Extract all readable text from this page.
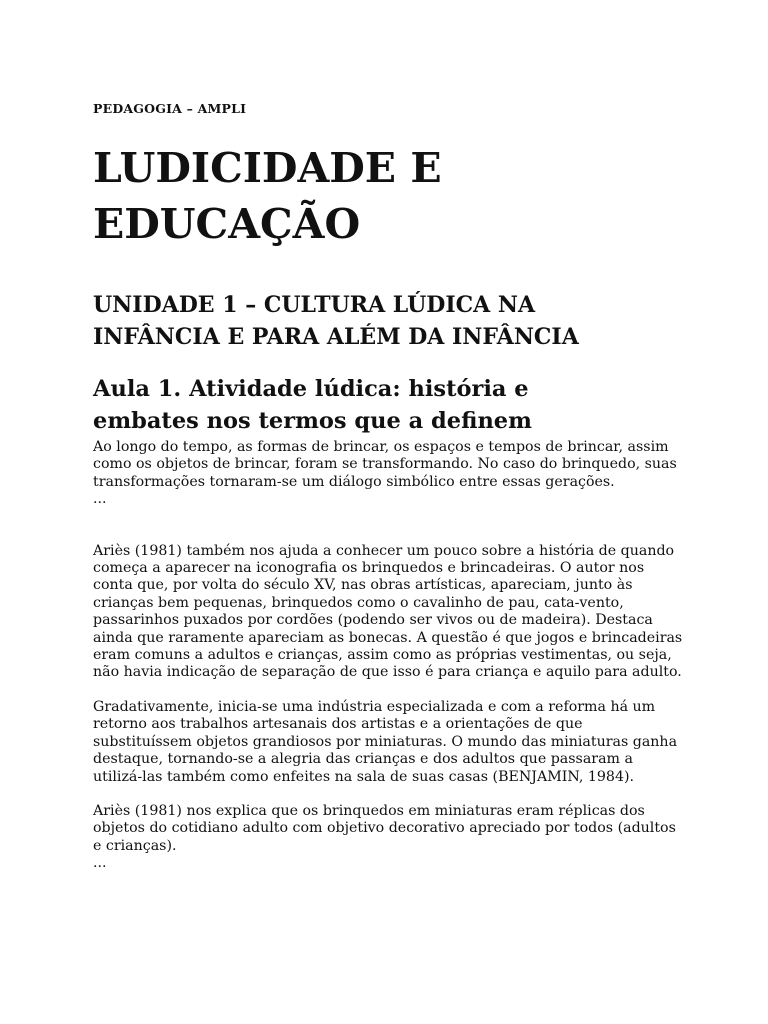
PEDAGOGIA – AMPLI
LUDICIDADE E EDUCAÇÃO
UNIDADE 1 – CULTURA LÚDICA NA INFÂNCIA E PARA ALÉM DA INFÂNCIA
Aula 1. Atividade lúdica: história e embates nos termos que a definem

Ao longo do tempo, as formas de brincar, os espaços e tempos de brincar, assim como os objetos de brincar, foram se transformando. No caso do brinquedo, suas transformações tornaram-se um diálogo simbólico entre essas gerações.

...

Ariès (1981) também nos ajuda a conhecer um pouco sobre a história de quando começa a aparecer na iconografia os brinquedos e brincadeiras. O autor nos conta que, por volta do século XV, nas obras artísticas, apareciam, junto às crianças bem pequenas, brinquedos como o cavalinho de pau, cata-vento, passarinhos puxados por cordões (podendo ser vivos ou de madeira). Destaca ainda que raramente apareciam as bonecas. A questão é que jogos e brincadeiras eram comuns a adultos e crianças, assim como as próprias vestimentas, ou seja, não havia indicação de separação de que isso é para criança e aquilo para adulto.

Gradativamente, inicia-se uma indústria especializada e com a reforma há um retorno aos trabalhos artesanais dos artistas e a orientações de que substituíssem objetos grandiosos por miniaturas. O mundo das miniaturas ganha destaque, tornando-se a alegria das crianças e dos adultos que passaram a utilizá-las também como enfeites na sala de suas casas (BENJAMIN, 1984).

Ariès (1981) nos explica que os brinquedos em miniaturas eram réplicas dos objetos do cotidiano adulto com objetivo decorativo apreciado por todos (adultos e crianças).

...
